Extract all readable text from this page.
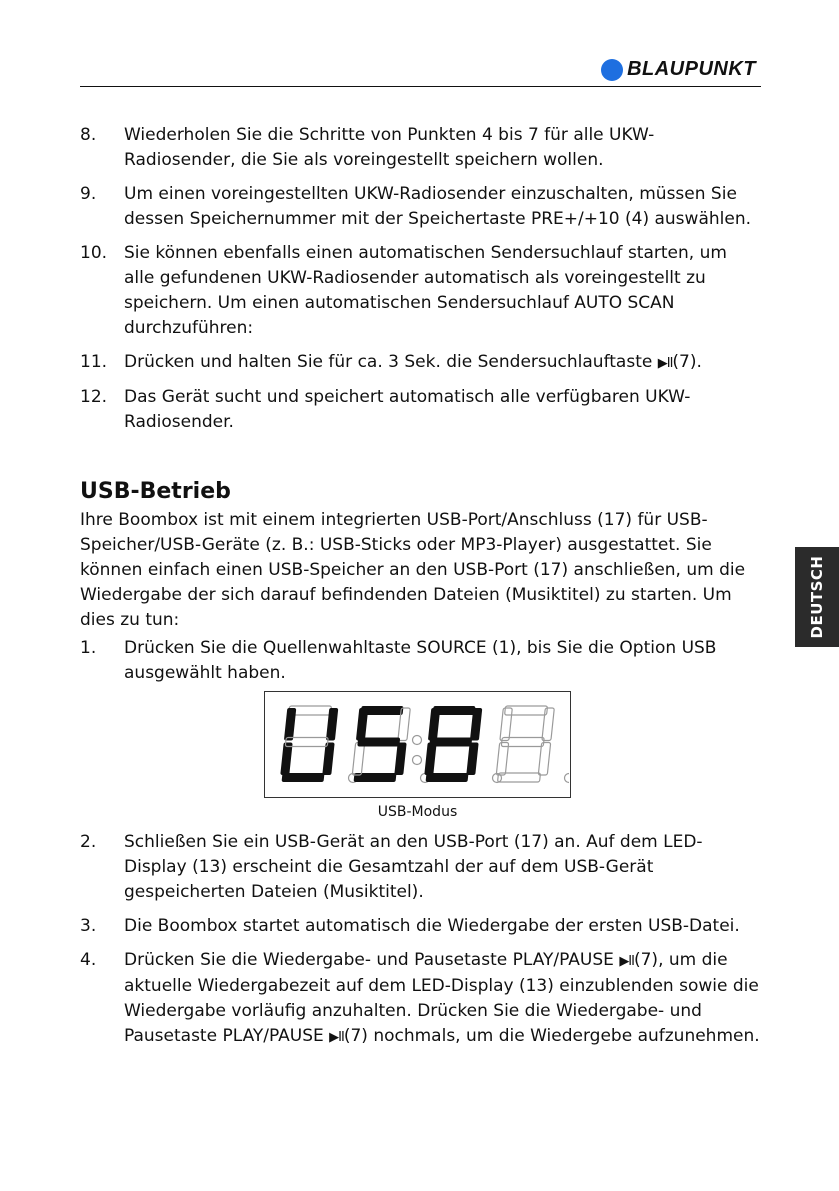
BLAUPUNKT
8. Wiederholen Sie die Schritte von Punkten 4 bis 7 für alle UKW-Radiosender, die Sie als voreingestellt speichern wollen.
9. Um einen voreingestellten UKW-Radiosender einzuschalten, müssen Sie dessen Speichernummer mit der Speichertaste PRE+/+10 (4) auswählen.
10. Sie können ebenfalls einen automatischen Sendersuchlauf starten, um alle gefundenen UKW-Radiosender automatisch als voreingestellt zu speichern. Um einen automatischen Sendersuchlauf AUTO SCAN durchzuführen:
11. Drücken und halten Sie für ca. 3 Sek. die Sendersuchlauftaste ▶II(7).
12. Das Gerät sucht und speichert automatisch alle verfügbaren UKW-Radiosender.
USB-Betrieb

Ihre Boombox ist mit einem integrierten USB-Port/Anschluss (17) für USB-Speicher/USB-Geräte (z. B.: USB-Sticks oder MP3-Player) ausgestattet. Sie können einfach einen USB-Speicher an den USB-Port (17) anschließen, um die Wiedergabe der sich darauf befindenden Dateien (Musiktitel) zu starten. Um dies zu tun:

1. Drücken Sie die Quellenwahltaste SOURCE (1), bis Sie die Option USB ausgewählt haben.
USB-Modus
2. Schließen Sie ein USB-Gerät an den USB-Port (17) an. Auf dem LED-Display (13) erscheint die Gesamtzahl der auf dem USB-Gerät gespeicherten Dateien (Musiktitel).
3. Die Boombox startet automatisch die Wiedergabe der ersten USB-Datei.
4. Drücken Sie die Wiedergabe- und Pausetaste PLAY/PAUSE ▶II(7), um die aktuelle Wiedergabezeit auf dem LED-Display (13) einzublenden sowie die Wiedergabe vorläufig anzuhalten. Drücken Sie die Wiedergabe- und Pausetaste PLAY/PAUSE ▶II(7) nochmals, um die Wiedergebe aufzunehmen.
DEUTSCH
